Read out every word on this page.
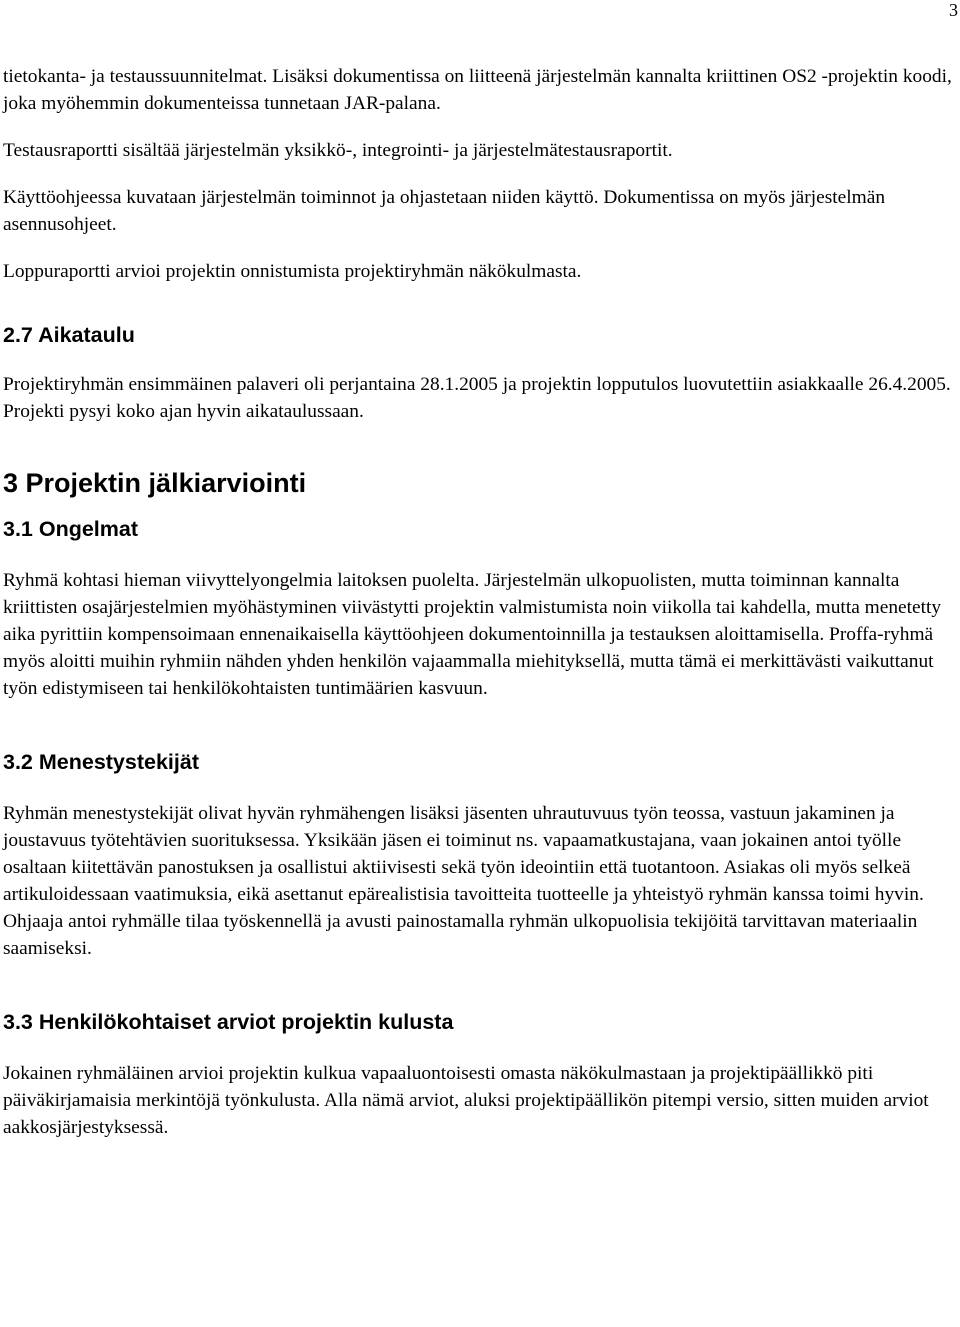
3

tietokanta- ja testaussuunnitelmat. Lisäksi dokumentissa on liitteenä järjestelmän kannalta kriittinen OS2 -projektin koodi, joka myöhemmin dokumenteissa tunnetaan JAR-palana.

Testausraportti sisältää järjestelmän yksikkö-, integrointi- ja järjestelmätestausraportit.

Käyttöohjeessa kuvataan järjestelmän toiminnot ja ohjastetaan niiden käyttö. Dokumentissa on myös järjestelmän asennusohjeet.

Loppuraportti arvioi projektin onnistumista projektiryhmän näkökulmasta.

2.7 Aikataulu

Projektiryhmän ensimmäinen palaveri oli perjantaina 28.1.2005 ja projektin lopputulos luovutettiin asiakkaalle 26.4.2005. Projekti pysyi koko ajan hyvin aikataulussaan.

3 Projektin jälkiarviointi
3.1 Ongelmat

Ryhmä kohtasi hieman viivyttelyongelmia laitoksen puolelta. Järjestelmän ulkopuolisten, mutta toiminnan kannalta kriittisten osajärjestelmien myöhästyminen viivästytti projektin valmistumista noin viikolla tai kahdella, mutta menetetty aika pyrittiin kompensoimaan ennenaikaisella käyttöohjeen dokumentoinnilla ja testauksen aloittamisella. Proffa-ryhmä myös aloitti muihin ryhmiin nähden yhden henkilön vajaammalla miehityksellä, mutta tämä ei merkittävästi vaikuttanut työn edistymiseen tai henkilökohtaisten tuntimäärien kasvuun.

3.2 Menestystekijät

Ryhmän menestystekijät olivat hyvän ryhmähengen lisäksi jäsenten uhrautuvuus työn teossa, vastuun jakaminen ja joustavuus työtehtävien suorituksessa. Yksikään jäsen ei toiminut ns. vapaamatkustajana, vaan jokainen antoi työlle osaltaan kiitettävän panostuksen ja osallistui aktiivisesti sekä työn ideointiin että tuotantoon. Asiakas oli myös selkeä artikuloidessaan vaatimuksia, eikä asettanut epärealistisia tavoitteita tuotteelle ja yhteistyö ryhmän kanssa toimi hyvin. Ohjaaja antoi ryhmälle tilaa työskennellä ja avusti painostamalla ryhmän ulkopuolisia tekijöitä tarvittavan materiaalin saamiseksi.

3.3 Henkilökohtaiset arviot projektin kulusta

Jokainen ryhmäläinen arvioi projektin kulkua vapaaluontoisesti omasta näkökulmastaan ja projektipäällikkö piti päiväkirjamaisia merkintöjä työnkulusta. Alla nämä arviot, aluksi projektipäällikön pitempi versio, sitten muiden arviot aakkosjärjestyksessä.
